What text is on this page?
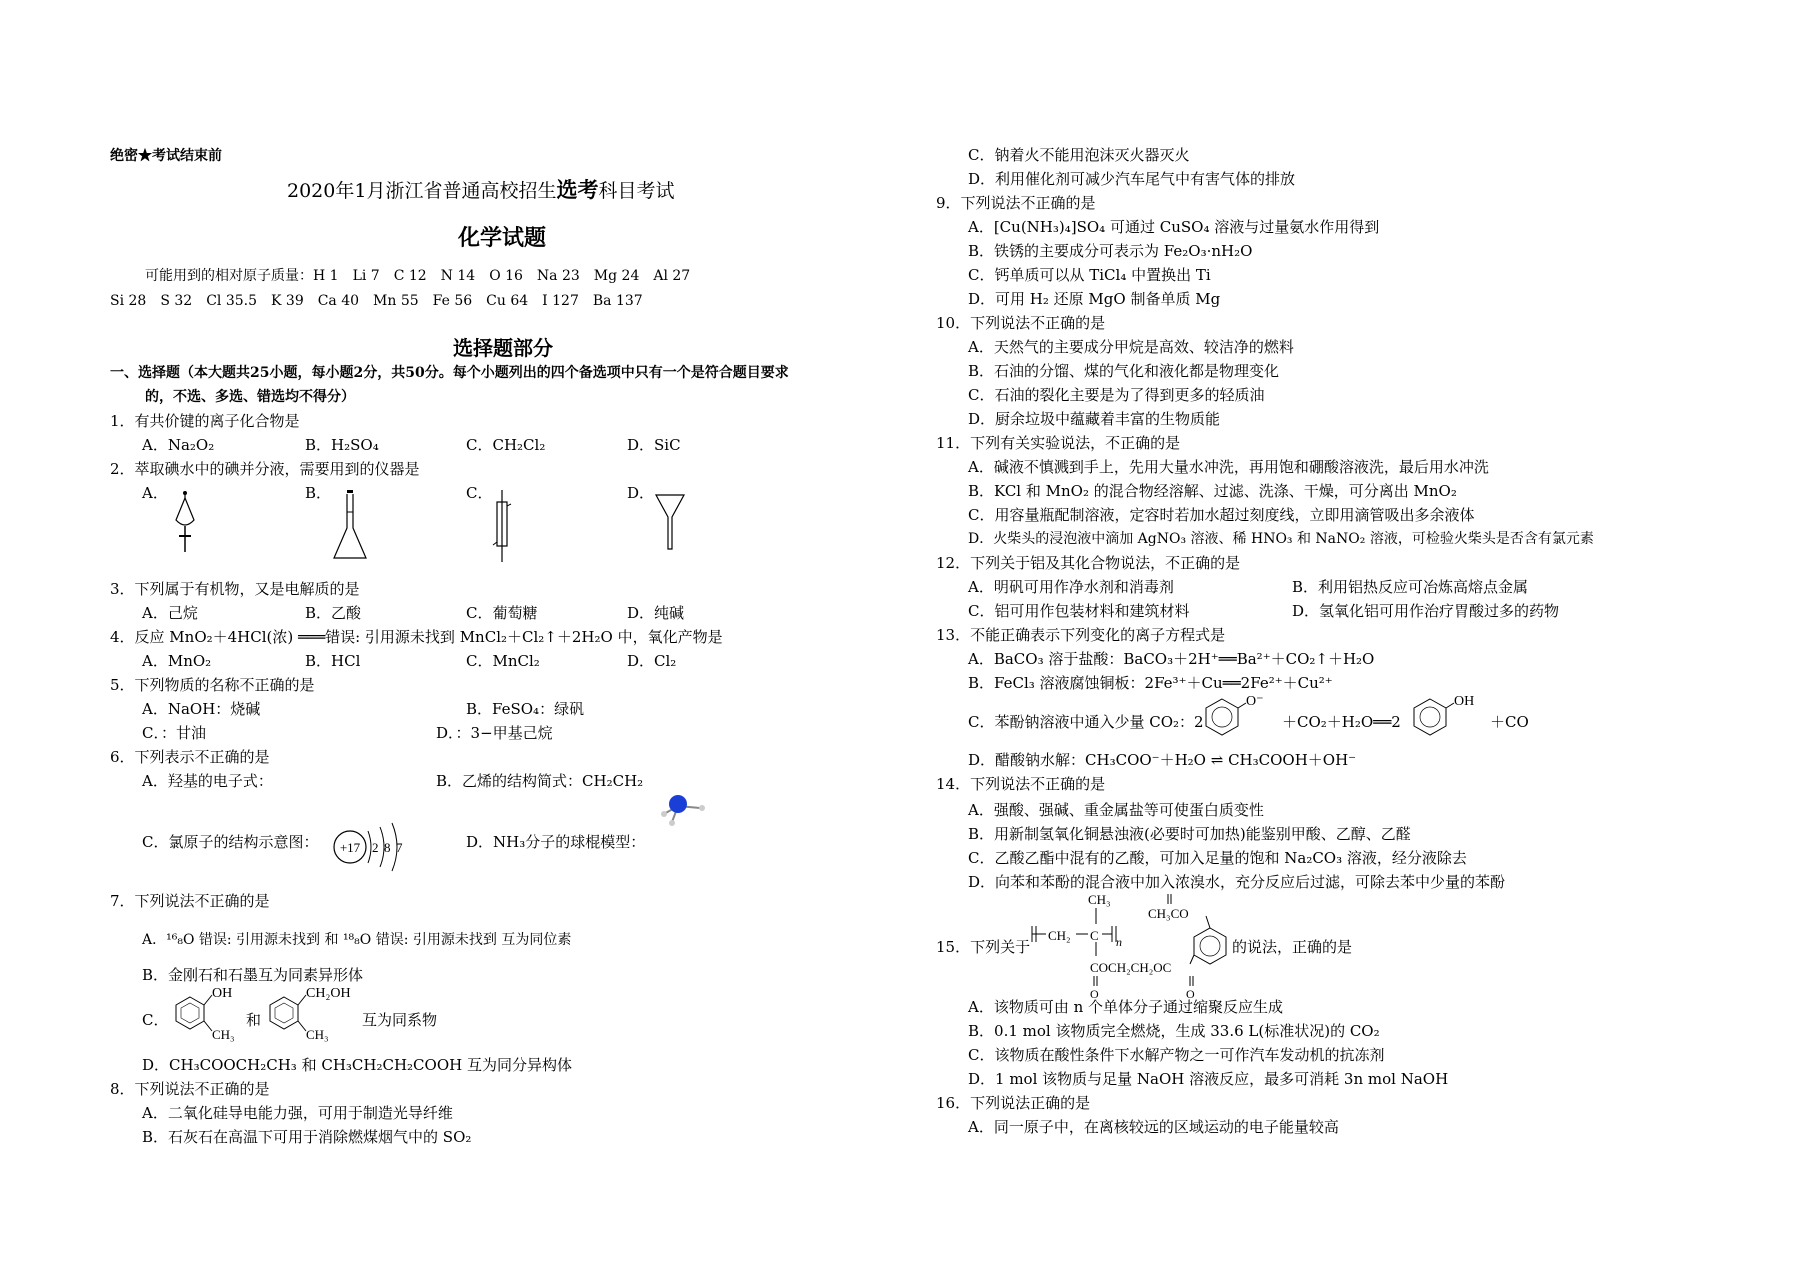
绝密★考试结束前
2020年1月浙江省普通高校招生选考科目考试
化学试题
可能用到的相对原子质量：H 1　Li 7　C 12　N 14　O 16　Na 23　Mg 24　Al 27
Si 28　S 32　Cl 35.5　K 39　Ca 40　Mn 55　Fe 56　Cu 64　I 127　Ba 137
选择题部分
一、选择题（本大题共25小题，每小题2分，共50分。每个小题列出的四个备选项中只有一个是符合题目要求
的，不选、多选、错选均不得分）
1．有共价键的离子化合物是
A．Na₂O₂	B．H₂SO₄	C．CH₂Cl₂	D．SiC
2．萃取碘水中的碘并分液，需要用到的仪器是
A．	B．	C．	D．
3．下列属于有机物，又是电解质的是
A．己烷	B．乙酸	C．葡萄糖	D．纯碱
4．反应 MnO₂＋4HCl(浓) ═══错误: 引用源未找到 MnCl₂＋Cl₂↑＋2H₂O 中，氧化产物是
A．MnO₂	B．HCl	C．MnCl₂	D．Cl₂
5．下列物质的名称不正确的是
A．NaOH：烧碱	B．FeSO₄：绿矾
C．：甘油	D．：3−甲基己烷
6．下列表示不正确的是
A．羟基的电子式：	B．乙烯的结构简式：CH₂CH₂
C．氯原子的结构示意图： +17 2 8 7	D．NH₃分子的球棍模型：
7．下列说法不正确的是
A．¹⁶₈O 错误: 引用源未找到 和 ¹⁸₈O 错误: 引用源未找到 互为同位素
B．金刚石和石墨互为同素异形体
C．
OH
CH₃
和
CH₂OH
CH₃
互为同系物
D．CH₃COOCH₂CH₃ 和 CH₃CH₂CH₂COOH 互为同分异构体
8．下列说法不正确的是
A．二氧化硅导电能力强，可用于制造光导纤维
B．石灰石在高温下可用于消除燃煤烟气中的 SO₂
C．钠着火不能用泡沫灭火器灭火
D．利用催化剂可减少汽车尾气中有害气体的排放
9．下列说法不正确的是
A．[Cu(NH₃)₄]SO₄ 可通过 CuSO₄ 溶液与过量氨水作用得到
B．铁锈的主要成分可表示为 Fe₂O₃·nH₂O
C．钙单质可以从 TiCl₄ 中置换出 Ti
D．可用 H₂ 还原 MgO 制备单质 Mg
10．下列说法不正确的是
A．天然气的主要成分甲烷是高效、较洁净的燃料
B．石油的分馏、煤的气化和液化都是物理变化
C．石油的裂化主要是为了得到更多的轻质油
D．厨余垃圾中蕴藏着丰富的生物质能
11．下列有关实验说法，不正确的是
A．碱液不慎溅到手上，先用大量水冲洗，再用饱和硼酸溶液洗，最后用水冲洗
B．KCl 和 MnO₂ 的混合物经溶解、过滤、洗涤、干燥，可分离出 MnO₂
C．用容量瓶配制溶液，定容时若加水超过刻度线，立即用滴管吸出多余液体
D．火柴头的浸泡液中滴加 AgNO₃ 溶液、稀 HNO₃ 和 NaNO₂ 溶液，可检验火柴头是否含有氯元素
12．下列关于铝及其化合物说法，不正确的是
A．明矾可用作净水剂和消毒剂	B．利用铝热反应可冶炼高熔点金属
C．铝可用作包装材料和建筑材料	D．氢氧化铝可用作治疗胃酸过多的药物
13．不能正确表示下列变化的离子方程式是
A．BaCO₃ 溶于盐酸：BaCO₃＋2H⁺══Ba²⁺＋CO₂↑＋H₂O
B．FeCl₃ 溶液腐蚀铜板：2Fe³⁺＋Cu══2Fe²⁺＋Cu²⁺
C．苯酚钠溶液中通入少量 CO₂：2
O⁻
＋CO₂＋H₂O══2
OH
＋CO
D．醋酸钠水解：CH₃COO⁻＋H₂O ⇌ CH₃COOH＋OH⁻
14．下列说法不正确的是
A．强酸、强碱、重金属盐等可使蛋白质变性
B．用新制氢氧化铜悬浊液(必要时可加热)能鉴别甲酸、乙醇、乙醛
C．乙酸乙酯中混有的乙酸，可加入足量的饱和 Na₂CO₃ 溶液，经分液除去
D．向苯和苯酚的混合液中加入浓溴水，充分反应后过滤，可除去苯中少量的苯酚
15．下列关于
CH₃
CH₂ C n
COCH₂CH₂OC
O	O
CH₃CO
的说法，正确的是
A．该物质可由 n 个单体分子通过缩聚反应生成
B．0.1 mol 该物质完全燃烧，生成 33.6 L(标准状况)的 CO₂
C．该物质在酸性条件下水解产物之一可作汽车发动机的抗冻剂
D．1 mol 该物质与足量 NaOH 溶液反应，最多可消耗 3n mol NaOH
16．下列说法正确的是
A．同一原子中，在离核较远的区域运动的电子能量较高
